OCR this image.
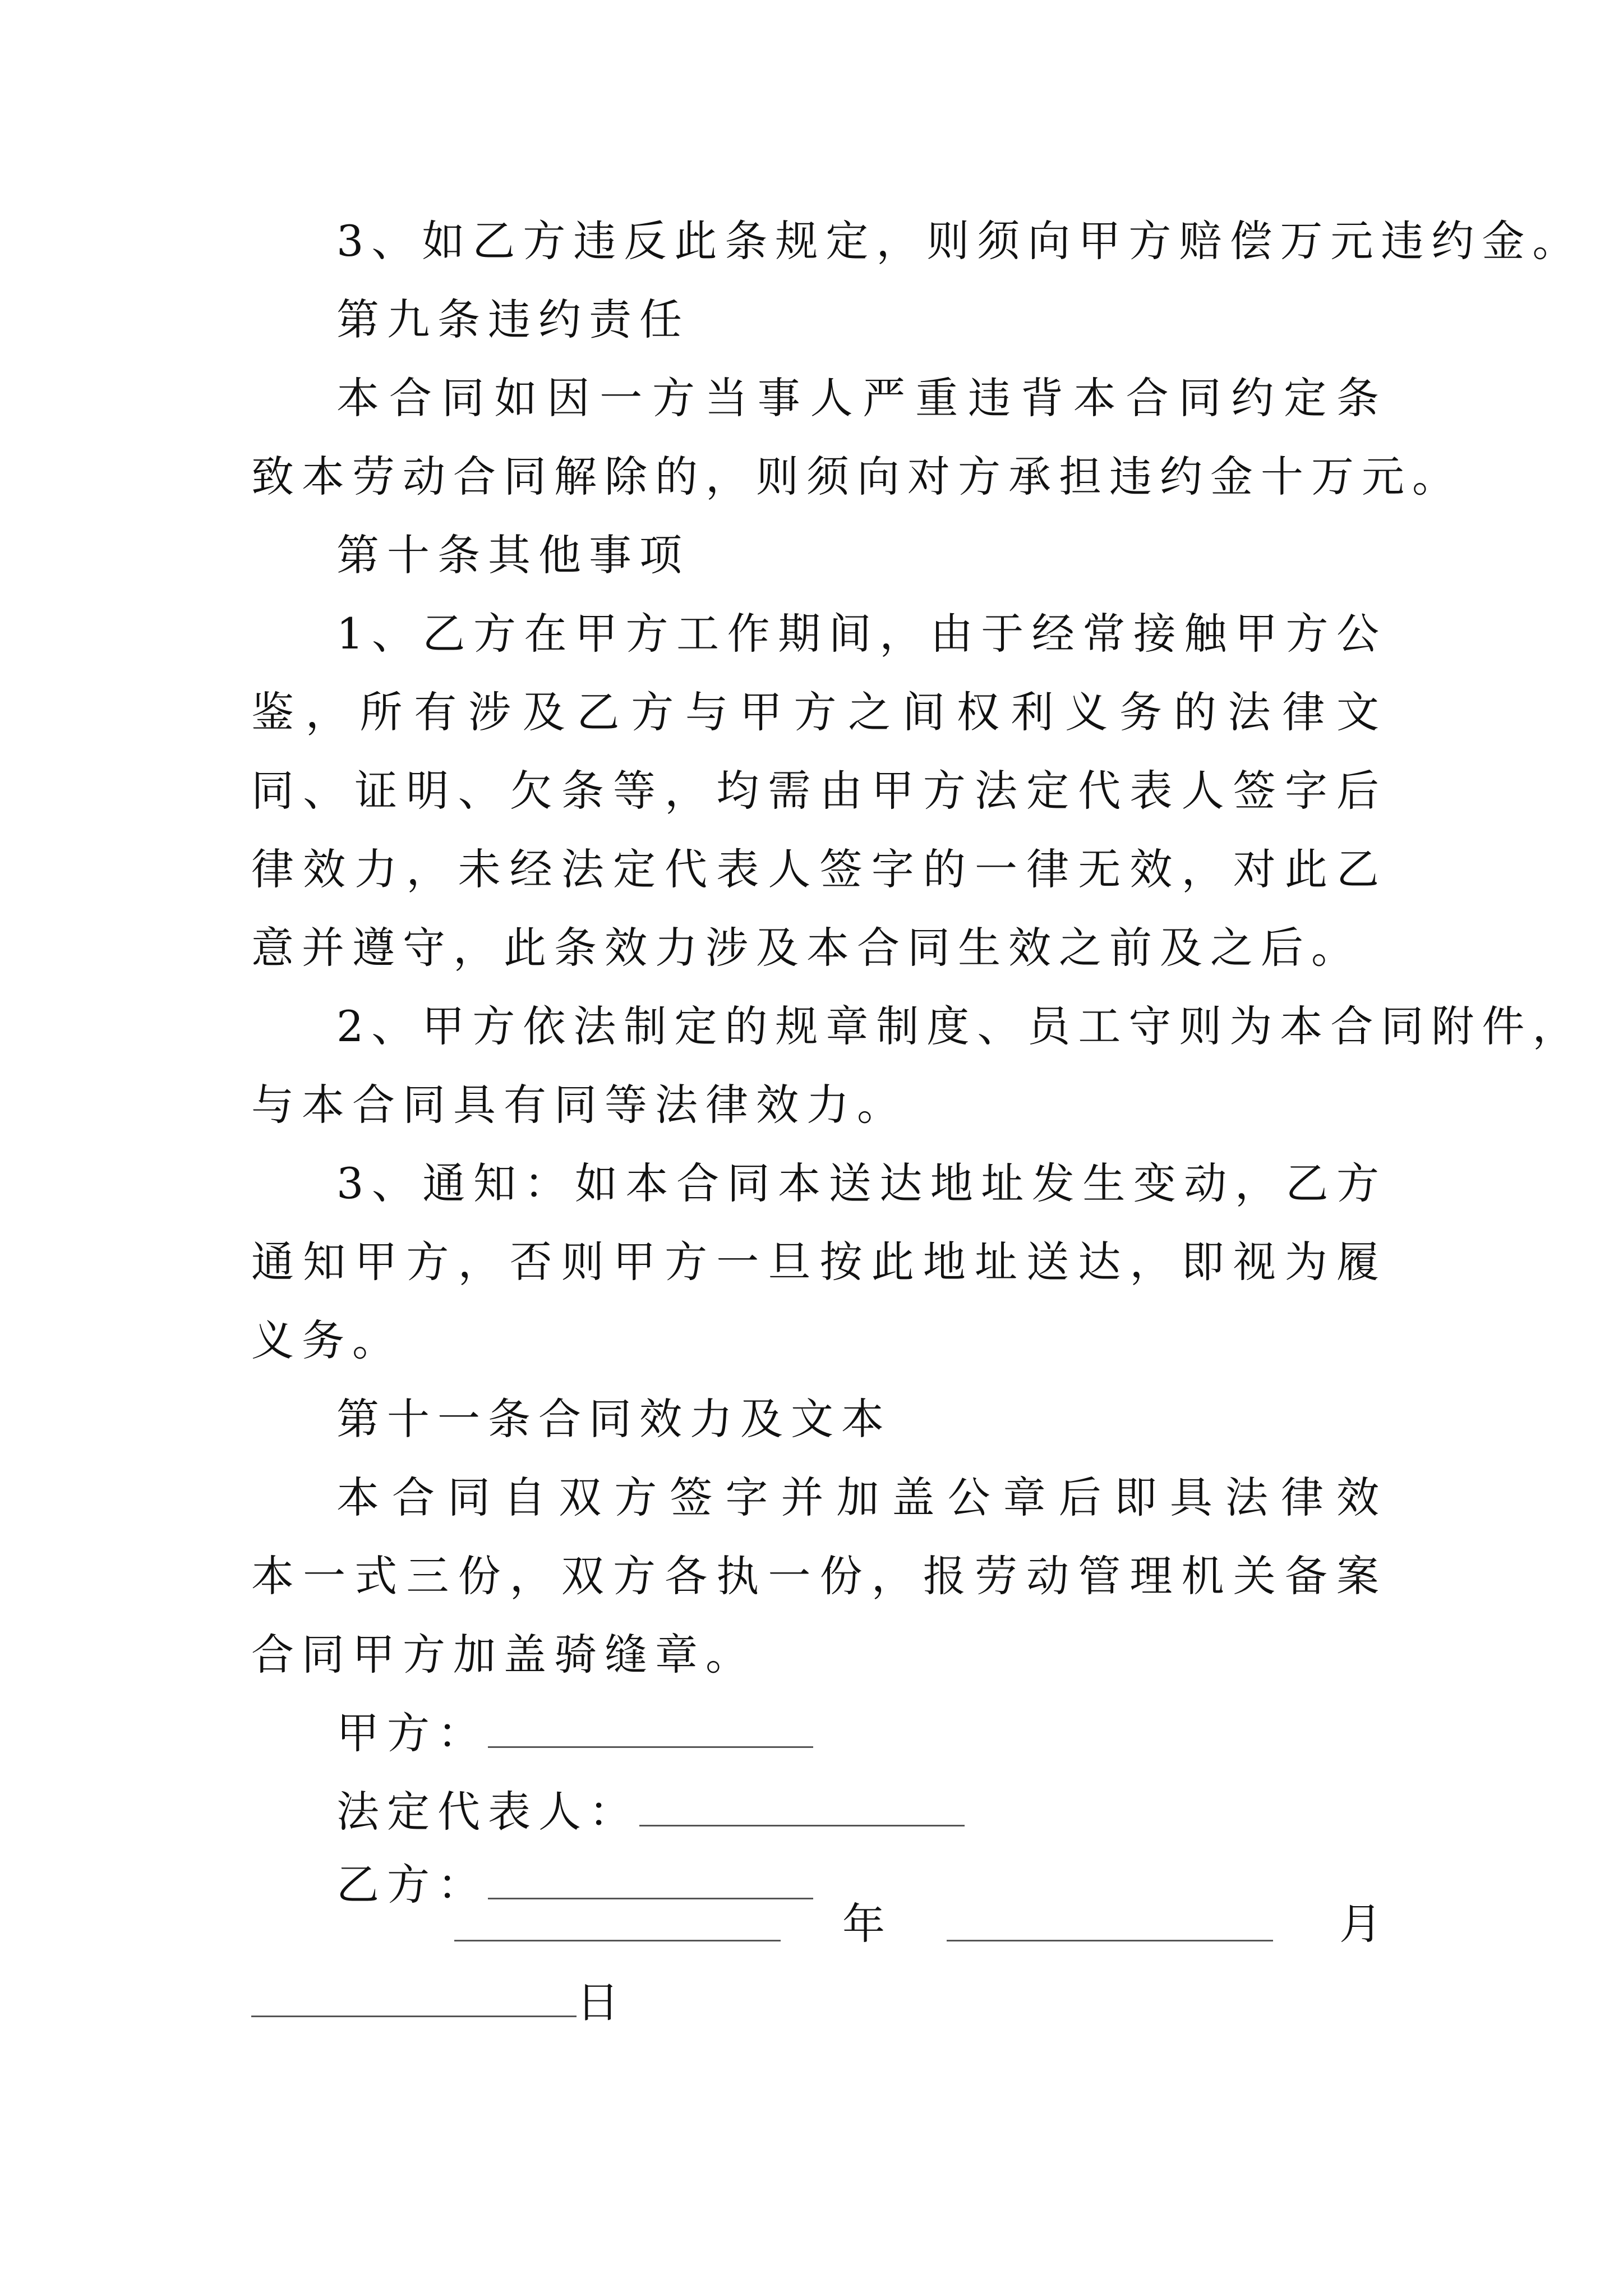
3、如乙方违反此条规定，则须向甲方赔偿万元违约金。
第九条违约责任
本合同如因一方当事人严重违背本合同约定条
致本劳动合同解除的，则须向对方承担违约金十万元。
第十条其他事项
1、乙方在甲方工作期间，由于经常接触甲方公
鉴，所有涉及乙方与甲方之间权利义务的法律文
同、证明、欠条等，均需由甲方法定代表人签字后
律效力，未经法定代表人签字的一律无效，对此乙
意并遵守，此条效力涉及本合同生效之前及之后。
2、甲方依法制定的规章制度、员工守则为本合同附件，
与本合同具有同等法律效力。
3、通知：如本合同本送达地址发生变动，乙方
通知甲方，否则甲方一旦按此地址送达，即视为履
义务。
第十一条合同效力及文本
本合同自双方签字并加盖公章后即具法律效
本一式三份，双方各执一份，报劳动管理机关备案
合同甲方加盖骑缝章。
甲方：
法定代表人：
乙方：
年	月
日
